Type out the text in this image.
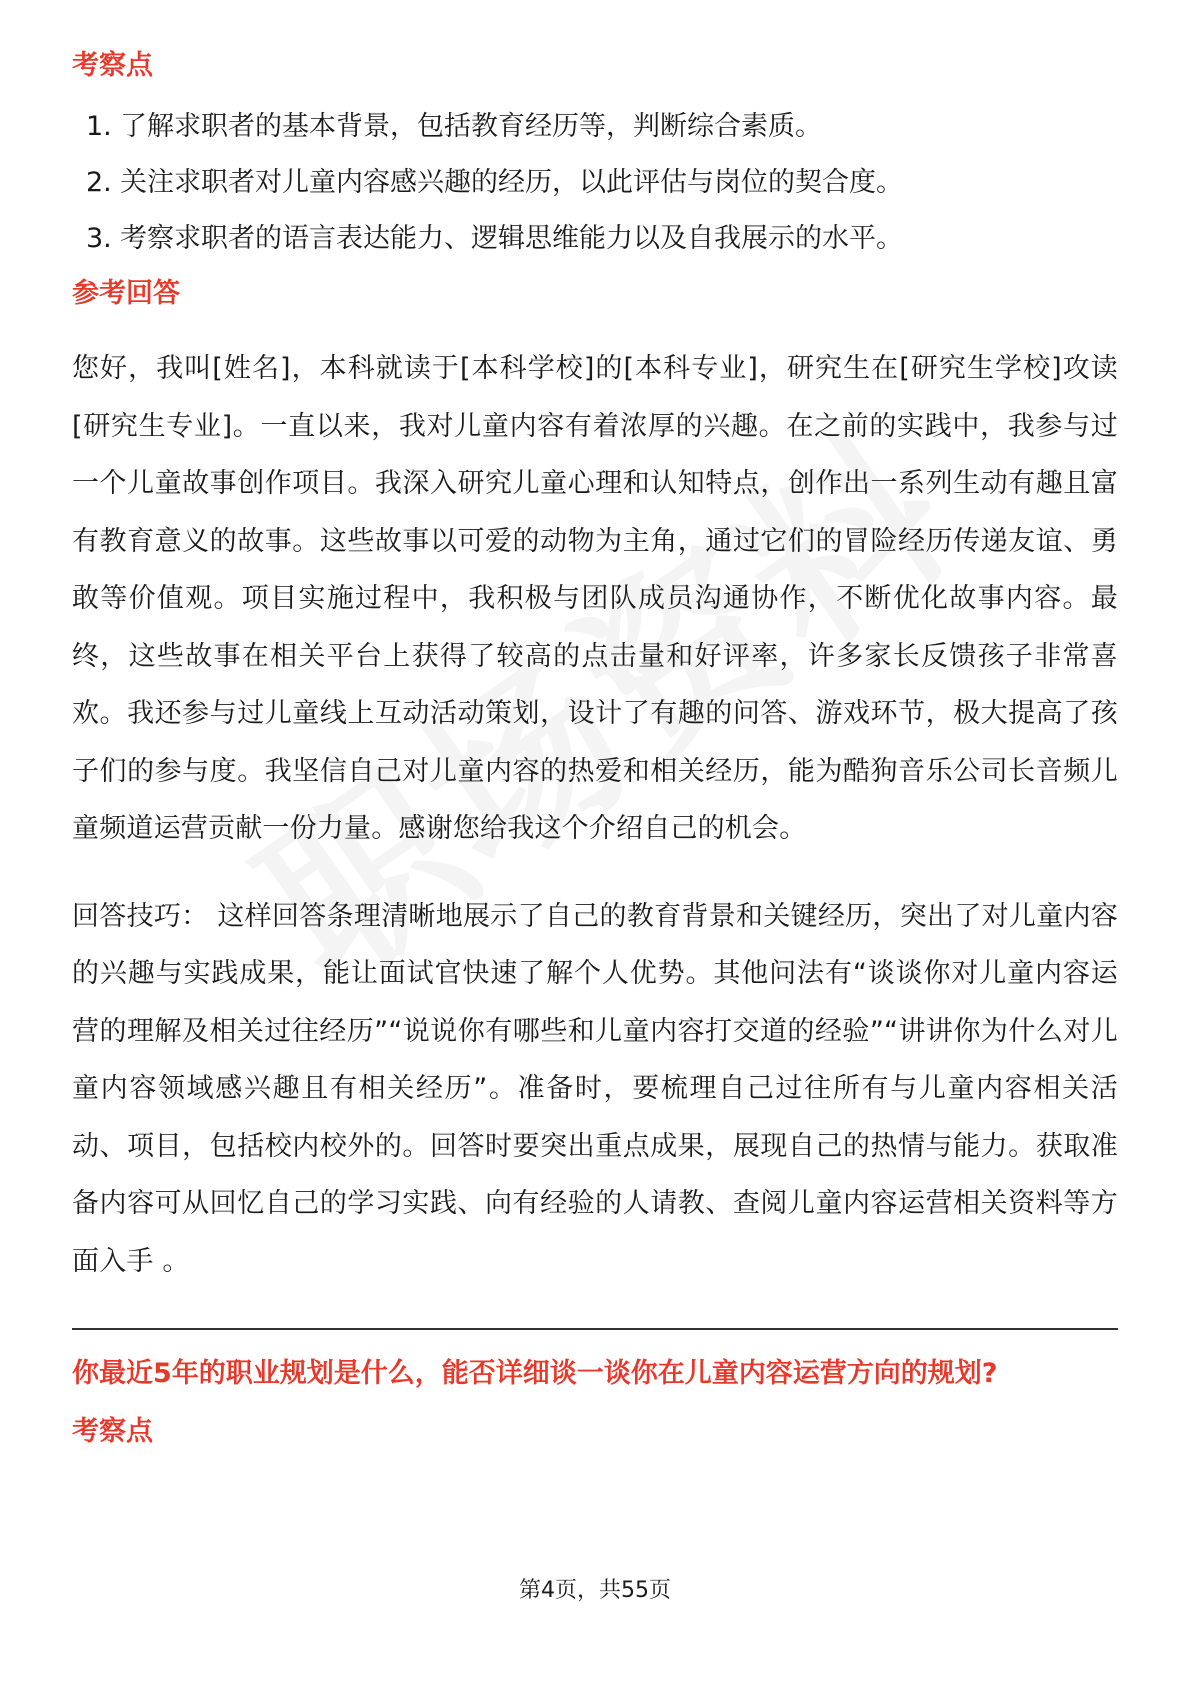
考察点
1. 了解求职者的基本背景，包括教育经历等，判断综合素质。
2. 关注求职者对儿童内容感兴趣的经历，以此评估与岗位的契合度。
3. 考察求职者的语言表达能力、逻辑思维能力以及自我展示的水平。
参考回答

您好，我叫[姓名]，本科就读于[本科学校]的[本科专业]，研究生在[研究生学校]攻读[研究生专业]。一直以来，我对儿童内容有着浓厚的兴趣。在之前的实践中，我参与过一个儿童故事创作项目。我深入研究儿童心理和认知特点，创作出一系列生动有趣且富有教育意义的故事。这些故事以可爱的动物为主角，通过它们的冒险经历传递友谊、勇敢等价值观。项目实施过程中，我积极与团队成员沟通协作，不断优化故事内容。最终，这些故事在相关平台上获得了较高的点击量和好评率，许多家长反馈孩子非常喜欢。我还参与过儿童线上互动活动策划，设计了有趣的问答、游戏环节，极大提高了孩子们的参与度。我坚信自己对儿童内容的热爱和相关经历，能为酷狗音乐公司长音频儿童频道运营贡献一份力量。感谢您给我这个介绍自己的机会。

回答技巧： 这样回答条理清晰地展示了自己的教育背景和关键经历，突出了对儿童内容的兴趣与实践成果，能让面试官快速了解个人优势。其他问法有“谈谈你对儿童内容运营的理解及相关过往经历”“说说你有哪些和儿童内容打交道的经验”“讲讲你为什么对儿童内容领域感兴趣且有相关经历”。准备时，要梳理自己过往所有与儿童内容相关活动、项目，包括校内校外的。回答时要突出重点成果，展现自己的热情与能力。获取准备内容可从回忆自己的学习实践、向有经验的人请教、查阅儿童内容运营相关资料等方面入手 。

你最近5年的职业规划是什么，能否详细谈一谈你在儿童内容运营方向的规划?
考察点
第4页，共55页
